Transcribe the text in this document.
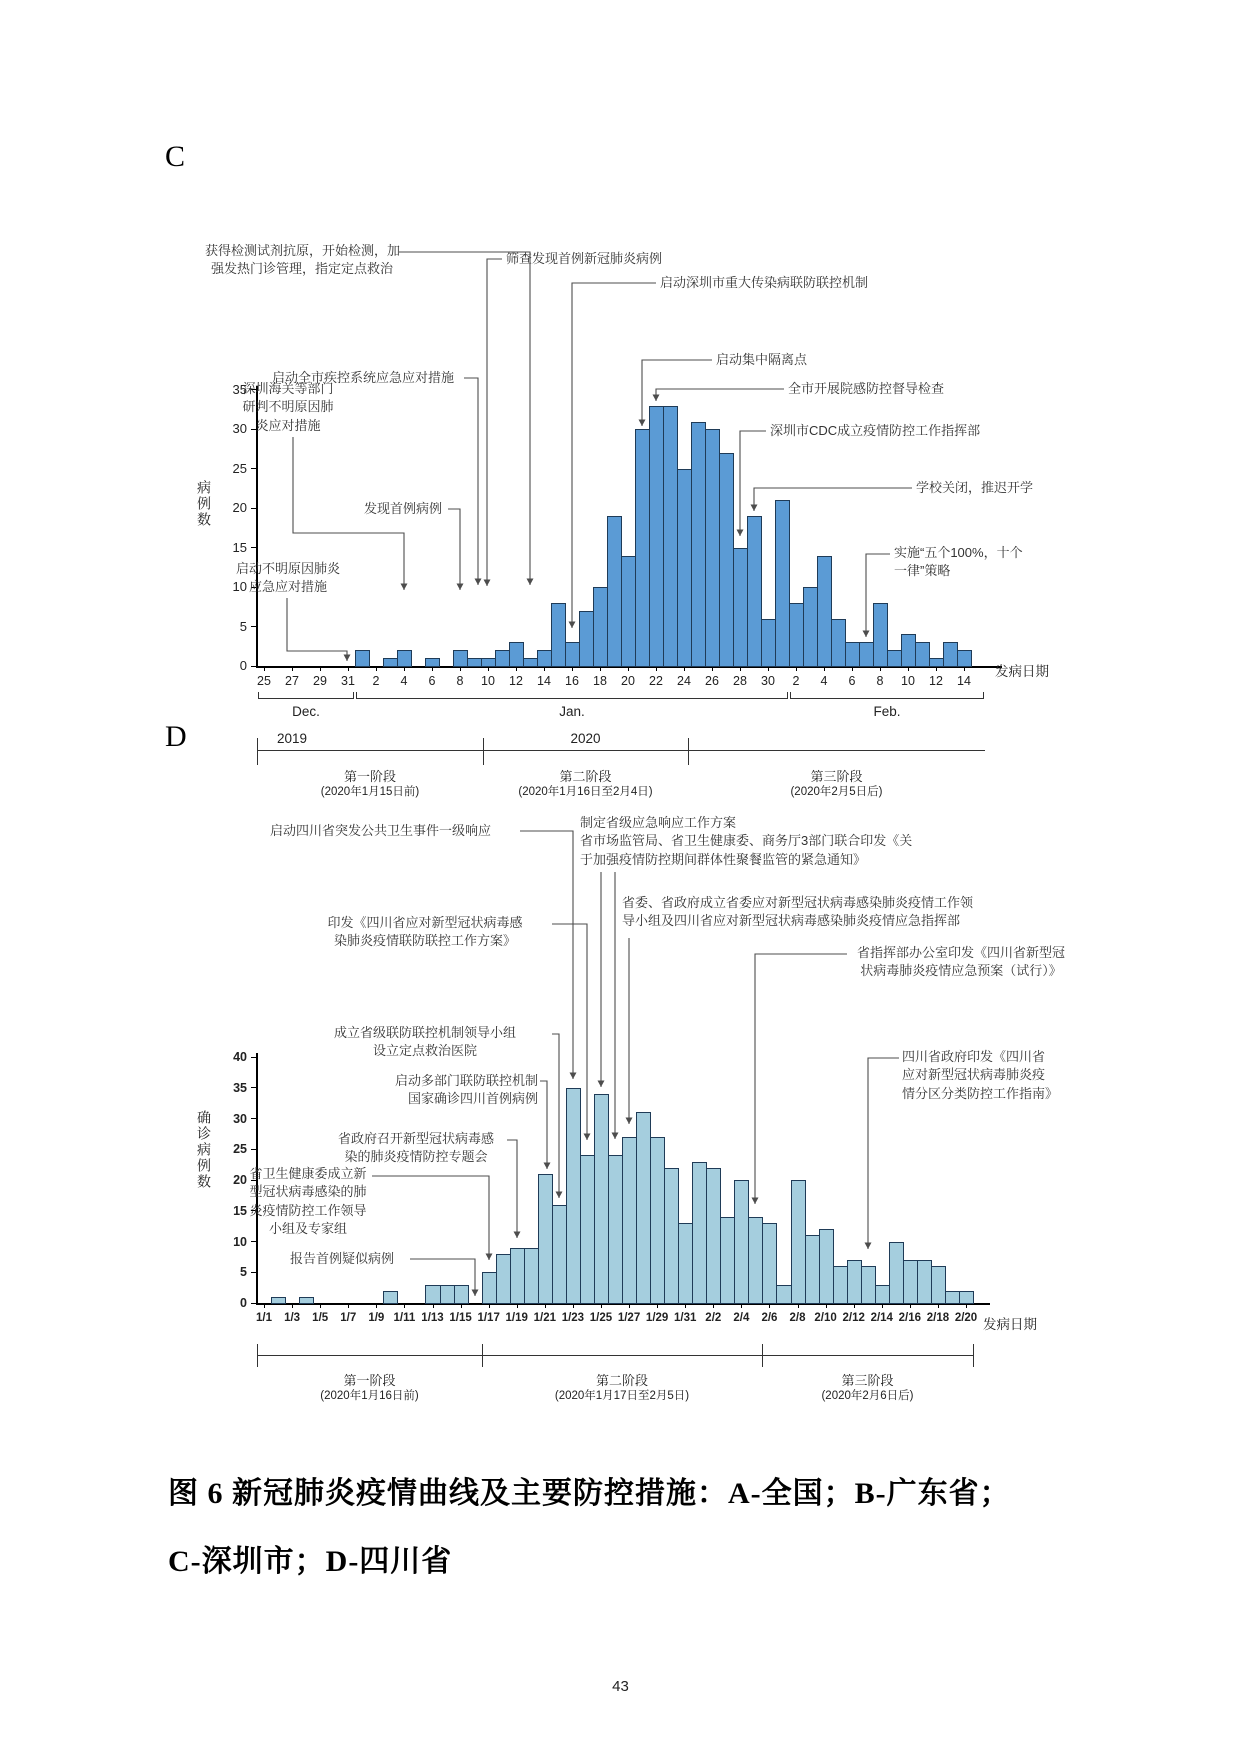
C
0
5
10
15
20
25
30
35
病例数
25	27	29	31	2	4	6	8	10	12	14	16	18	20	22	24	26	28	30	2	4	6	8	10	12	14
发病日期
Dec.	Jan.	Feb.
2019	2020
第一阶段
(2020年1月15日前)
第二阶段
(2020年1月16日至2月4日)
第三阶段
(2020年2月5日后)
启动不明原因肺炎
应急应对措施
深圳海关等部门
研判不明原因肺
炎应对措施
发现首例病例
启动全市疾控系统应急应对措施
获得检测试剂抗原，开始检测，加
强发热门诊管理，指定定点救治
筛查发现首例新冠肺炎病例
启动深圳市重大传染病联防联控机制
启动集中隔离点
全市开展院感防控督导检查
深圳市CDC成立疫情防控工作指挥部
学校关闭，推迟开学
实施“五个100%，十个
一律”策略
D
0
5
10
15
20
25
30
35
40
确诊病例数
1/1	1/3	1/5	1/7	1/9 1/11 1/13 1/15 1/17 1/19 1/21 1/23 1/25 1/27 1/29 1/31 2/2	2/4	2/6	2/8 2/10 2/12 2/14 2/16 2/18 2/20 发病日期
第一阶段
(2020年1月16日前)
第二阶段
(2020年1月17日至2月5日)
第三阶段
(2020年2月6日后)
报告首例疑似病例
省卫生健康委成立新
型冠状病毒感染的肺
炎疫情防控工作领导
小组及专家组
省政府召开新型冠状病毒感
染的肺炎疫情防控专题会
启动多部门联防联控机制
国家确诊四川首例病例
成立省级联防联控机制领导小组
设立定点救治医院
印发《四川省应对新型冠状病毒感
染肺炎疫情联防联控工作方案》
启动四川省突发公共卫生事件一级响应
制定省级应急响应工作方案
省市场监管局、省卫生健康委、商务厅3部门联合印发《关
于加强疫情防控期间群体性聚餐监管的紧急通知》
省委、省政府成立省委应对新型冠状病毒感染肺炎疫情工作领
导小组及四川省应对新型冠状病毒感染肺炎疫情应急指挥部
省指挥部办公室印发《四川省新型冠
状病毒肺炎疫情应急预案（试行）》
四川省政府印发《四川省
应对新型冠状病毒肺炎疫
情分区分类防控工作指南》
图 6 新冠肺炎疫情曲线及主要防控措施：A-全国；B-广东省；
C-深圳市；D-四川省
43
